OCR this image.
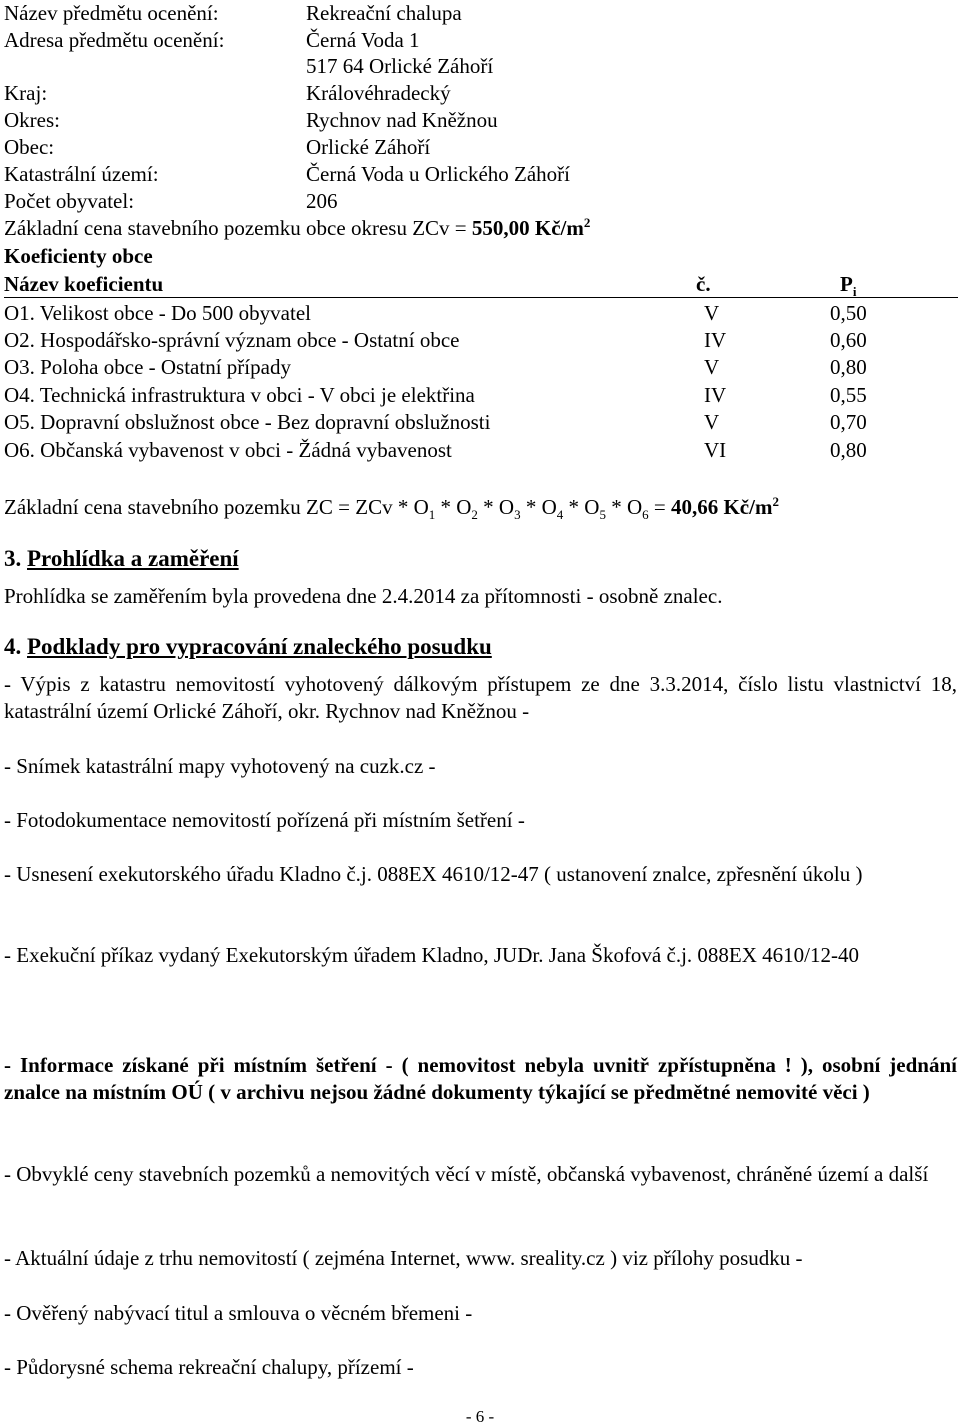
Název předmětu ocenění:	Rekreační chalupa
Adresa předmětu ocenění:	Černá Voda 1
517 64 Orlické Záhoří
Kraj:	Královéhradecký
Okres:	Rychnov nad Kněžnou
Obec:	Orlické Záhoří
Katastrální území:	Černá Voda u Orlického Záhoří
Počet obyvatel:	206
Základní cena stavebního pozemku obce okresu ZCv = 550,00 $Kč/m^2$
Koeficienty obce
Název koeficientu	č.	$P_i$
O1. Velikost obce - Do 500 obyvatel	V	0,50
O2. Hospodářsko-správní význam obce - Ostatní obce	IV	0,60
O3. Poloha obce - Ostatní případy	V	0,80
O4. Technická infrastruktura v obci - V obci je elektřina	IV	0,55
O5. Dopravní obslužnost obce - Bez dopravní obslužnosti	V	0,70
O6. Občanská vybavenost v obci - Žádná vybavenost	VI	0,80
Základní cena stavebního pozemku ZC = ZCv * $O_1 * O_2 * O_3 * O_4 * O_5 * O_6 = 40,66$ $Kč/m^2$
3. Prohlídka a zaměření
Prohlídka se zaměřením byla provedena dne 2.4.2014 za přítomnosti - osobně znalec.
4. Podklady pro vypracování znaleckého posudku
- Výpis z katastru nemovitostí vyhotovený dálkovým přístupem ze dne 3.3.2014, číslo listu vlastnictví 18, katastrální území Orlické Záhoří, okr. Rychnov nad Kněžnou -
- Snímek katastrální mapy vyhotovený na cuzk.cz -
- Fotodokumentace nemovitostí pořízená při místním šetření -
- Usnesení exekutorského úřadu Kladno č.j. 088EX 4610/12-47 ( ustanovení znalce, zpřesnění úkolu )
- Exekuční příkaz vydaný Exekutorským úřadem Kladno, JUDr. Jana Škofová č.j. 088EX 4610/12-40
- Informace získané při místním šetření - ( nemovitost nebyla uvnitř zpřístupněna ! ), osobní jednání znalce na místním OÚ ( v archivu nejsou žádné dokumenty týkající se předmětné nemovité věci )
- Obvyklé ceny stavebních pozemků a nemovitých věcí v místě, občanská vybavenost, chráněné území a další
- Aktuální údaje z trhu nemovitostí ( zejména Internet, www. sreality.cz ) viz přílohy posudku -
- Ověřený nabývací titul a smlouva o věcném břemeni -
- Půdorysné schema rekreační chalupy, přízemí -
- 6 -
